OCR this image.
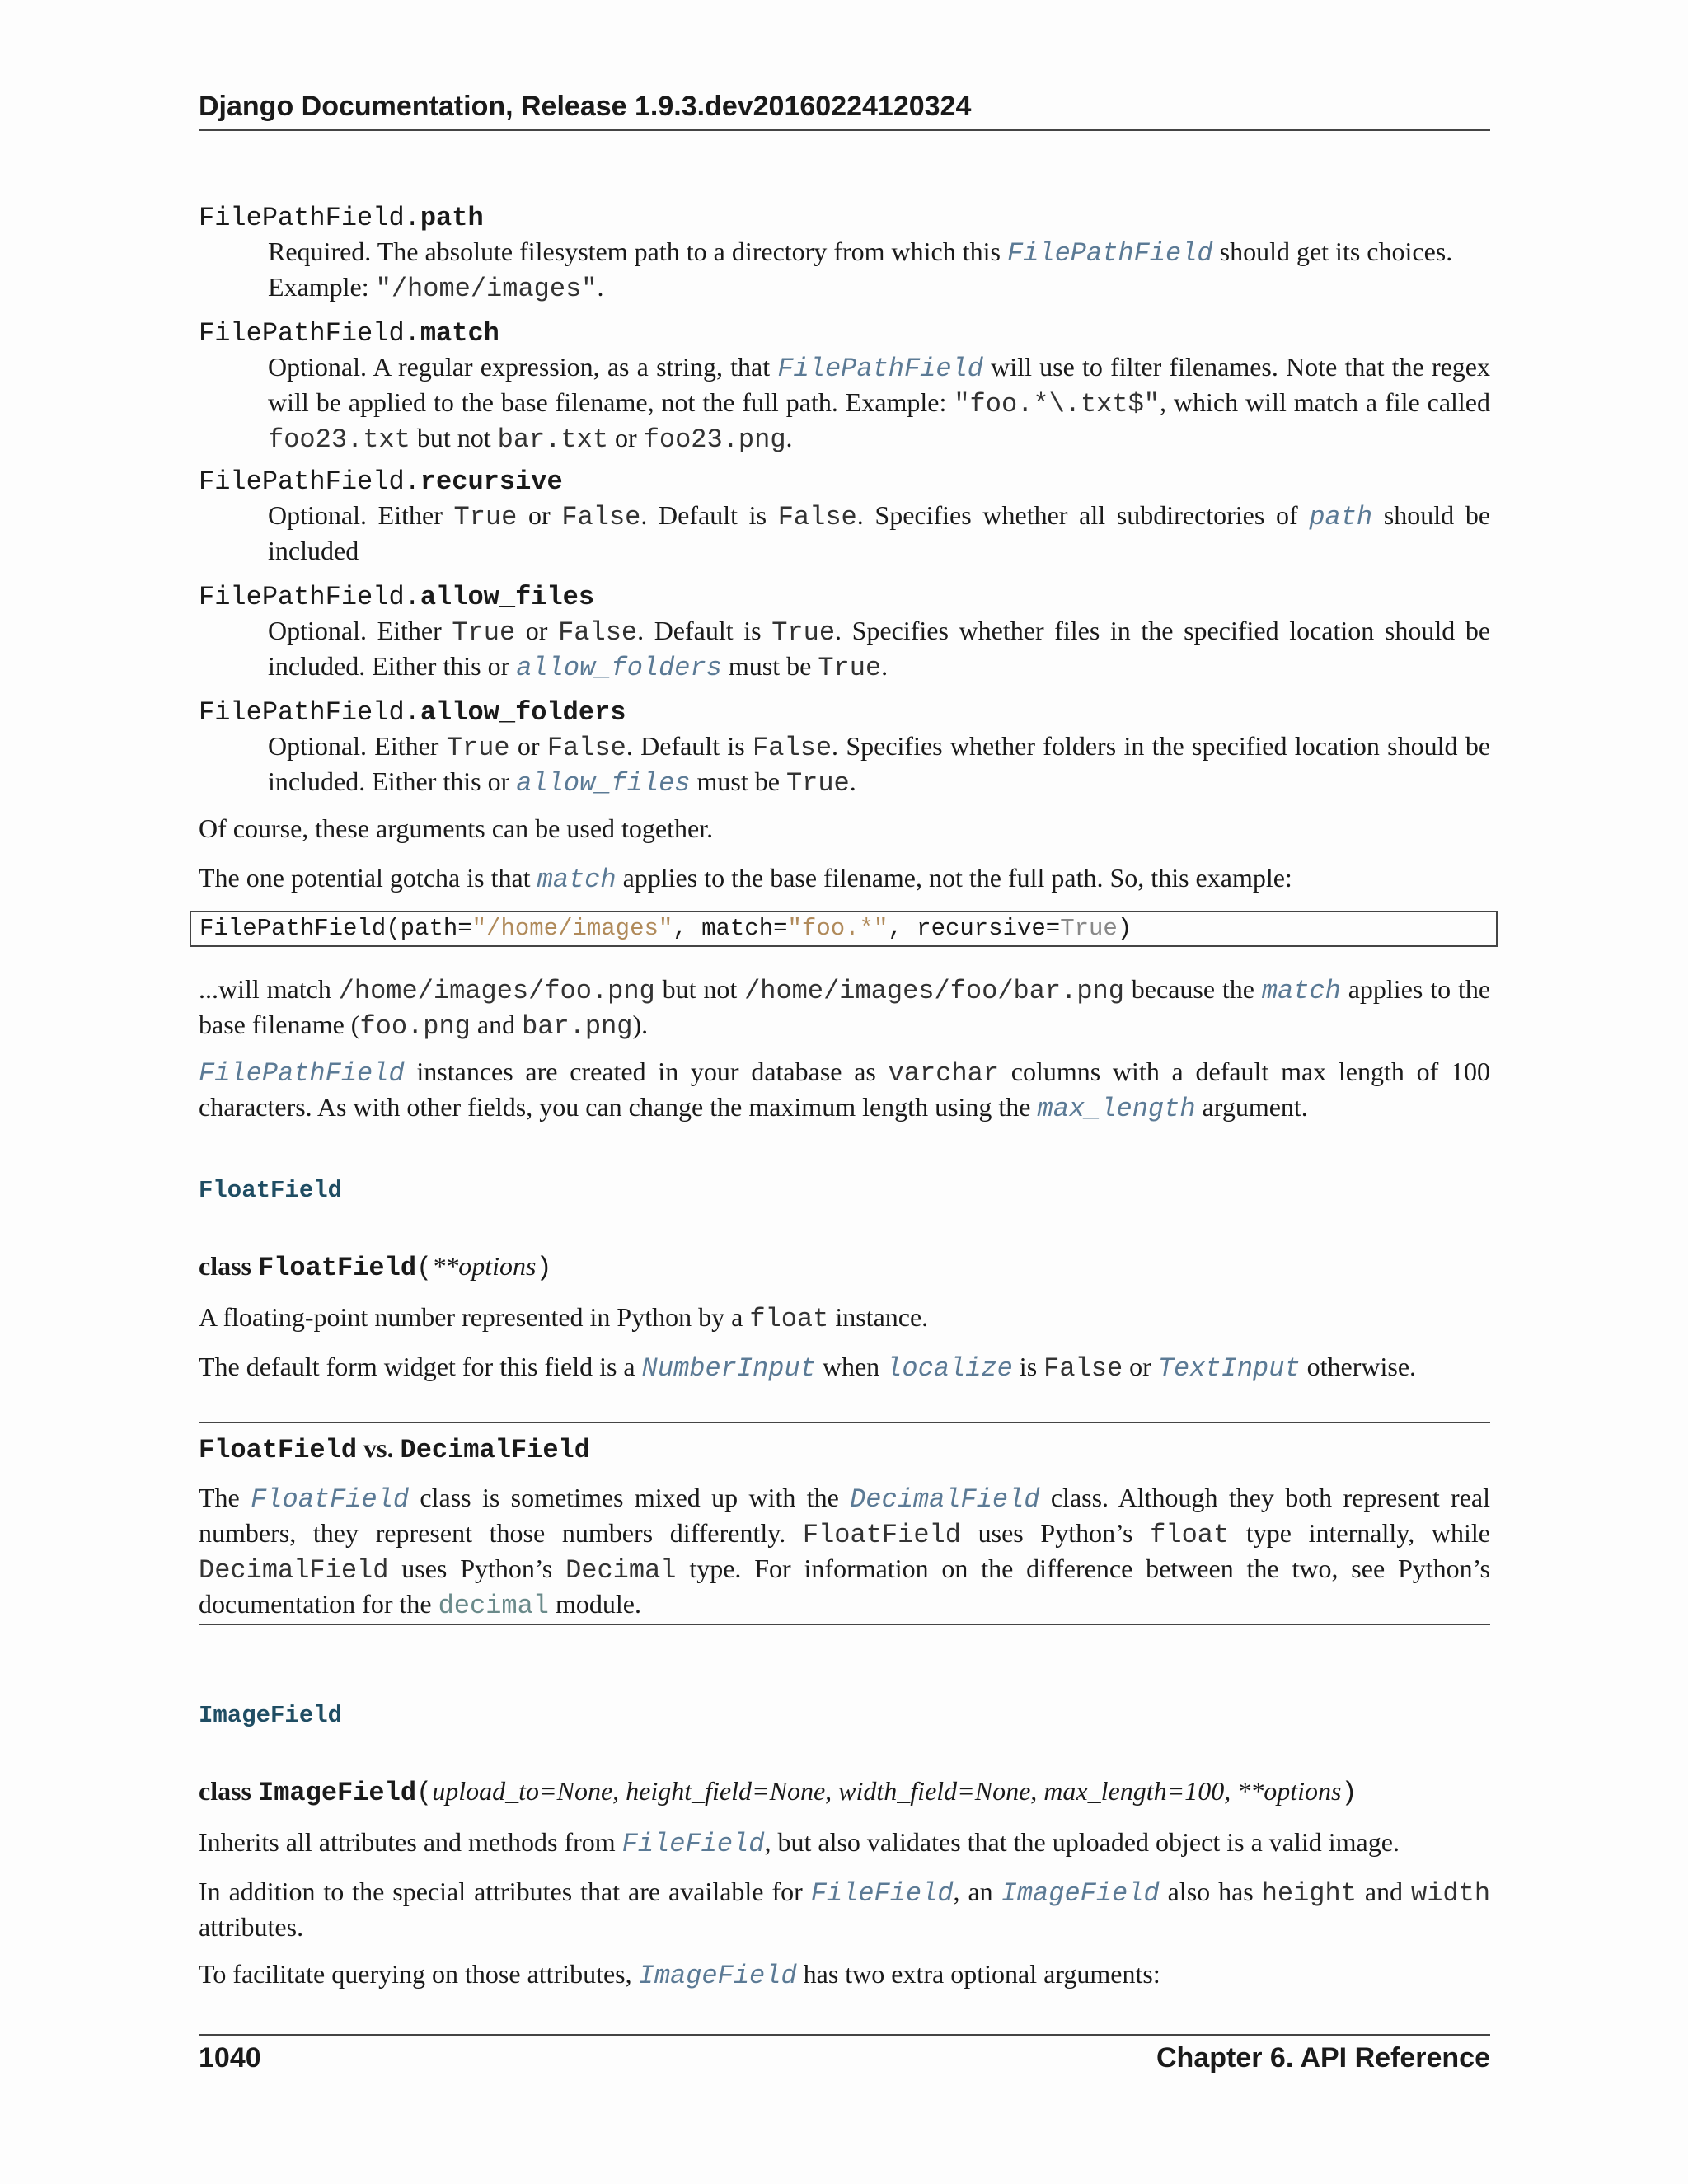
Django Documentation, Release 1.9.3.dev20160224120324
FilePathField.path
Required. The absolute filesystem path to a directory from which this FilePathField should get its choices.
Example: "/home/images".
FilePathField.match
Optional. A regular expression, as a string, that FilePathField will use to filter filenames. Note that the regex will be applied to the base filename, not the full path. Example: "foo.*\.txt$", which will match a file called foo23.txt but not bar.txt or foo23.png.
FilePathField.recursive
Optional. Either True or False. Default is False. Specifies whether all subdirectories of path should be included
FilePathField.allow_files
Optional. Either True or False. Default is True. Specifies whether files in the specified location should be included. Either this or allow_folders must be True.
FilePathField.allow_folders
Optional. Either True or False. Default is False. Specifies whether folders in the specified location should be included. Either this or allow_files must be True.
Of course, these arguments can be used together.
The one potential gotcha is that match applies to the base filename, not the full path. So, this example:
FilePathField(path="/home/images", match="foo.*", recursive=True)
...will match /home/images/foo.png but not /home/images/foo/bar.png because the match applies to the base filename (foo.png and bar.png).
FilePathField instances are created in your database as varchar columns with a default max length of 100 characters. As with other fields, you can change the maximum length using the max_length argument.
FloatField
class FloatField(**options)
A floating-point number represented in Python by a float instance.
The default form widget for this field is a NumberInput when localize is False or TextInput otherwise.
FloatField vs. DecimalField
The FloatField class is sometimes mixed up with the DecimalField class. Although they both represent real numbers, they represent those numbers differently. FloatField uses Python’s float type internally, while DecimalField uses Python’s Decimal type. For information on the difference between the two, see Python’s documentation for the decimal module.
ImageField
class ImageField(upload_to=None, height_field=None, width_field=None, max_length=100, **options)
Inherits all attributes and methods from FileField, but also validates that the uploaded object is a valid image.
In addition to the special attributes that are available for FileField, an ImageField also has height and width attributes.
To facilitate querying on those attributes, ImageField has two extra optional arguments:
1040	Chapter 6. API Reference
